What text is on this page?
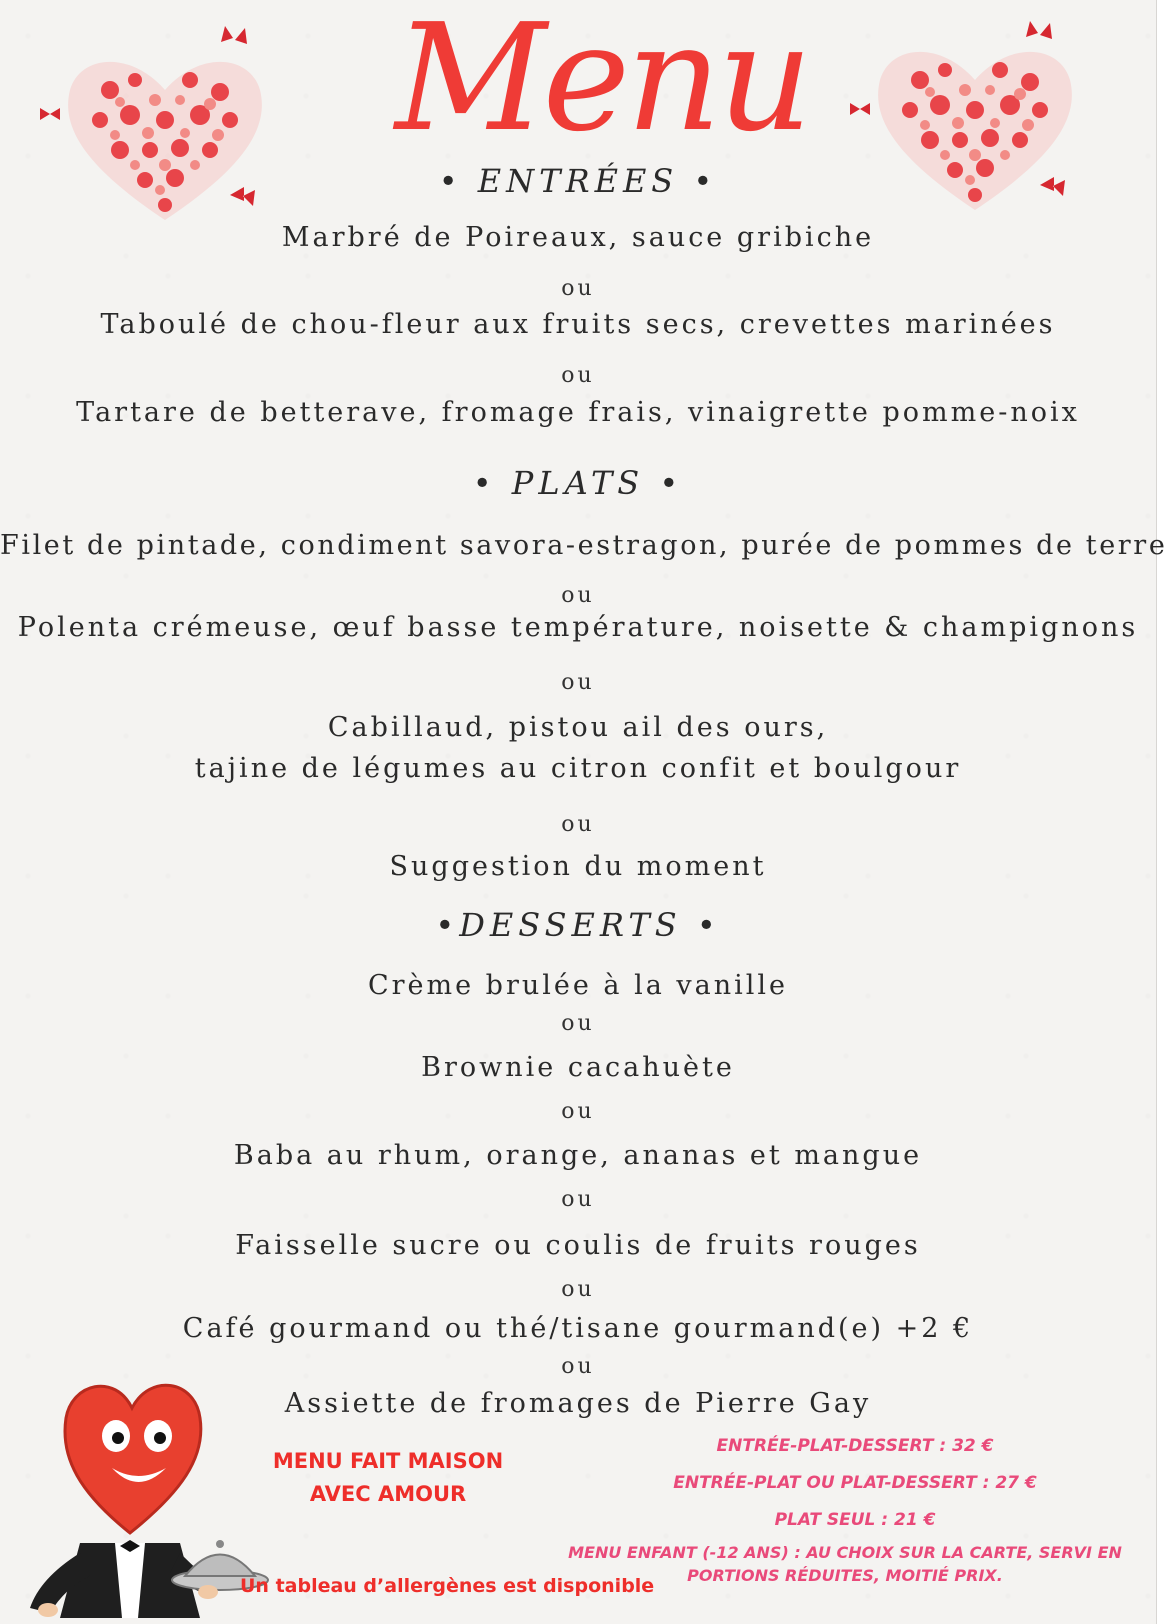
Menu
• ENTRÉES •
Marbré de Poireaux, sauce gribiche
ou
Taboulé de chou-fleur aux fruits secs, crevettes marinées
ou
Tartare de betterave, fromage frais, vinaigrette pomme-noix
• PLATS •
Filet de pintade, condiment savora-estragon, purée de pommes de terre
ou
Polenta crémeuse, œuf basse température, noisette & champignons
ou
Cabillaud, pistou ail des ours,
tajine de légumes au citron confit et boulgour
ou
Suggestion du moment
•DESSERTS •
Crème brulée à la vanille
ou
Brownie cacahuète
ou
Baba au rhum, orange, ananas et mangue
ou
Faisselle sucre ou coulis de fruits rouges
ou
Café gourmand ou thé/tisane gourmand(e) +2 €
ou
Assiette de fromages de Pierre Gay
MENU FAIT MAISON
AVEC AMOUR
Un tableau d’allergènes est disponible
ENTRÉE-PLAT-DESSERT : 32 €
ENTRÉE-PLAT OU PLAT-DESSERT : 27 €
PLAT SEUL : 21 €
MENU ENFANT (-12 ANS) : AU CHOIX SUR LA CARTE, SERVI EN
PORTIONS RÉDUITES, MOITIÉ PRIX.
